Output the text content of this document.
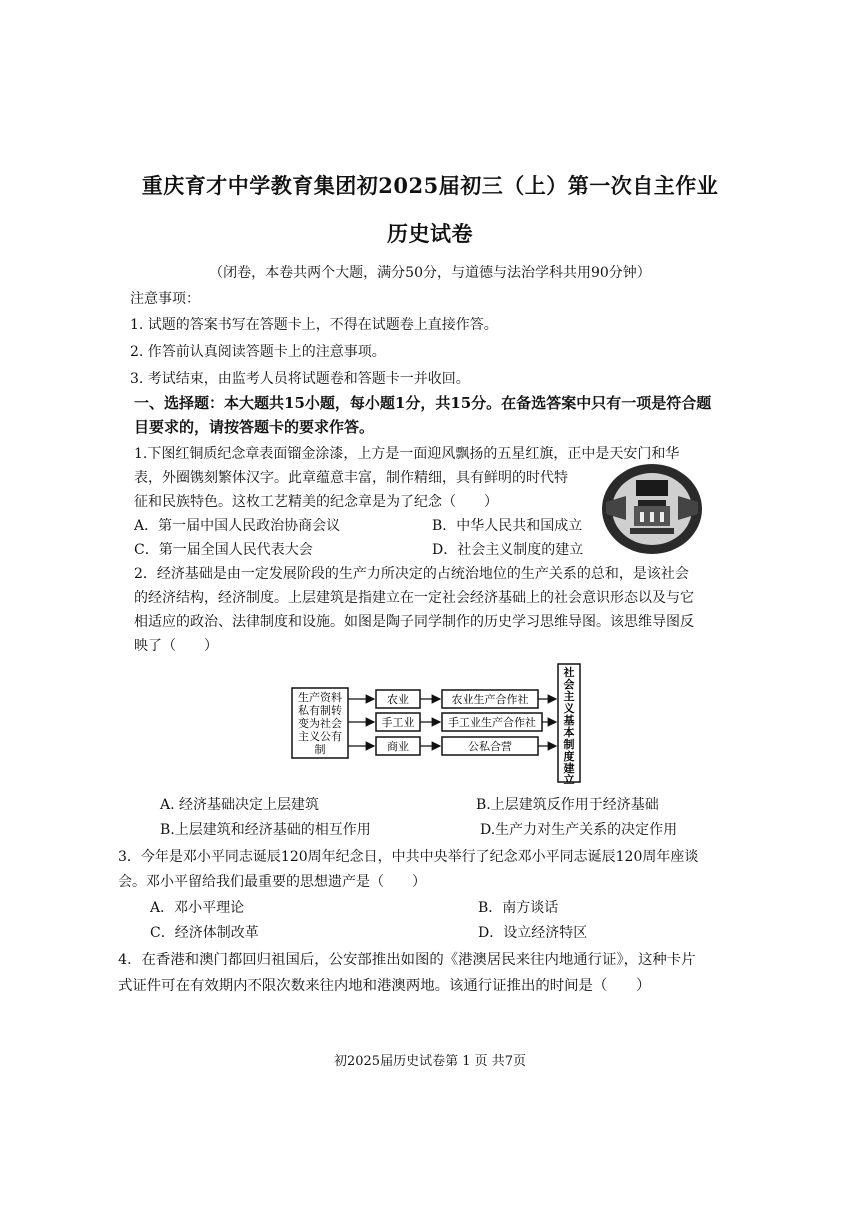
重庆育才中学教育集团初2025届初三（上）第一次自主作业
历史试卷
（闭卷，本卷共两个大题，满分50分，与道德与法治学科共用90分钟）
注意事项：
1. 试题的答案书写在答题卡上，不得在试题卷上直接作答。
2. 作答前认真阅读答题卡上的注意事项。
3. 考试结束，由监考人员将试题卷和答题卡一并收回。
一、选择题：本大题共15小题，每小题1分，共15分。在备选答案中只有一项是符合题
目要求的，请按答题卡的要求作答。
1.下图红铜质纪念章表面镏金涂漆，上方是一面迎风飘扬的五星红旗，正中是天安门和华
表，外圈镌刻繁体汉字。此章蕴意丰富，制作精细，具有鲜明的时代特
征和民族特色。这枚工艺精美的纪念章是为了纪念（　　）
A．第一届中国人民政治协商会议	B．中华人民共和国成立
C．第一届全国人民代表大会	D．社会主义制度的建立
2．经济基础是由一定发展阶段的生产力所决定的占统治地位的生产关系的总和，是该社会
的经济结构，经济制度。上层建筑是指建立在一定社会经济基础上的社会意识形态以及与它
相适应的政治、法律制度和设施。如图是陶子同学制作的历史学习思维导图。该思维导图反
映了（　　）
生产资料
私有制转
变为社会
主义公有
制
农业
手工业
商业
农业生产合作社
手工业生产合作社
公私合营
社
会
主
义
基
本
制
度
建
立
A. 经济基础决定上层建筑	B.上层建筑反作用于经济基础
B.上层建筑和经济基础的相互作用	D.生产力对生产关系的决定作用
3．今年是邓小平同志诞辰120周年纪念日，中共中央举行了纪念邓小平同志诞辰120周年座谈
会。邓小平留给我们最重要的思想遗产是（　　）
A．邓小平理论	B．南方谈话
C．经济体制改革	D．设立经济特区
4．在香港和澳门都回归祖国后，公安部推出如图的《港澳居民来往内地通行证》，这种卡片
式证件可在有效期内不限次数来往内地和港澳两地。该通行证推出的时间是（　　）
初2025届历史试卷第 1 页 共7页
